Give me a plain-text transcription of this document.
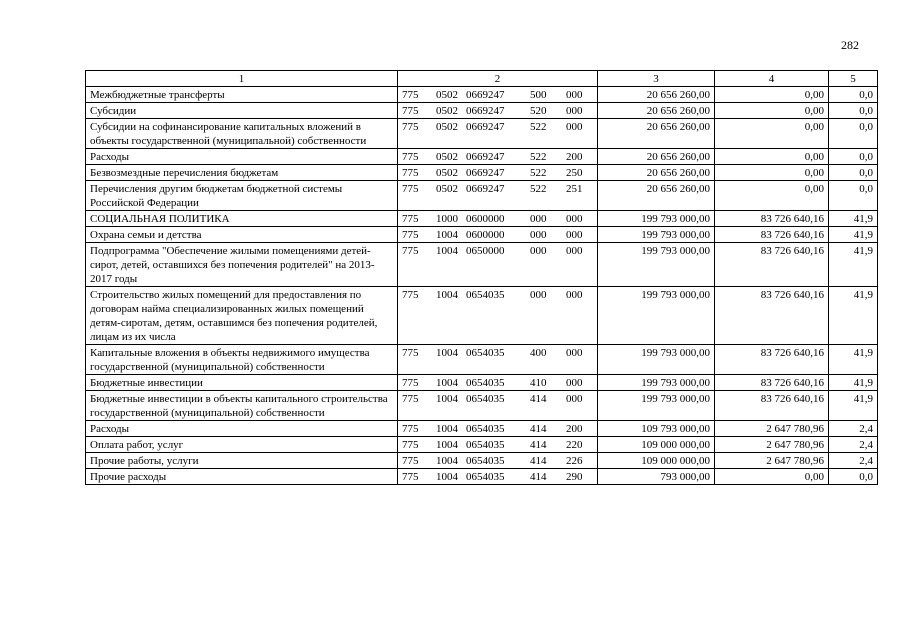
282
1	2	3	4	5
Межбюджетные трансферты	775 0502 0669247 500 000	20 656 260,00	0,00	0,0
Субсидии	775 0502 0669247 520 000	20 656 260,00	0,00	0,0
Субсидии на софинансирование капитальных вложений в объекты государственной (муниципальной) собственности	775 0502 0669247 522 000	20 656 260,00	0,00	0,0
Расходы	775 0502 0669247 522 200	20 656 260,00	0,00	0,0
Безвозмездные перечисления бюджетам	775 0502 0669247 522 250	20 656 260,00	0,00	0,0
Перечисления другим бюджетам бюджетной системы Российской Федерации	775 0502 0669247 522 251	20 656 260,00	0,00	0,0
СОЦИАЛЬНАЯ ПОЛИТИКА	775 1000 0600000 000 000	199 793 000,00	83 726 640,16	41,9
Охрана семьи и детства	775 1004 0600000 000 000	199 793 000,00	83 726 640,16	41,9
Подпрограмма "Обеспечение жилыми помещениями детей-сирот, детей, оставшихся без попечения родителей" на 2013-2017 годы	775 1004 0650000 000 000	199 793 000,00	83 726 640,16	41,9
Строительство жилых помещений для предоставления по договорам найма специализированных жилых помещений детям-сиротам, детям, оставшимся без попечения родителей, лицам из их числа	775 1004 0654035 000 000	199 793 000,00	83 726 640,16	41,9
Капитальные вложения в объекты недвижимого имущества государственной (муниципальной) собственности	775 1004 0654035 400 000	199 793 000,00	83 726 640,16	41,9
Бюджетные инвестиции	775 1004 0654035 410 000	199 793 000,00	83 726 640,16	41,9
Бюджетные инвестиции в объекты капитального строительства государственной (муниципальной) собственности	775 1004 0654035 414 000	199 793 000,00	83 726 640,16	41,9
Расходы	775 1004 0654035 414 200	109 793 000,00	2 647 780,96	2,4
Оплата работ, услуг	775 1004 0654035 414 220	109 000 000,00	2 647 780,96	2,4
Прочие работы, услуги	775 1004 0654035 414 226	109 000 000,00	2 647 780,96	2,4
Прочие расходы	775 1004 0654035 414 290	793 000,00	0,00	0,0
